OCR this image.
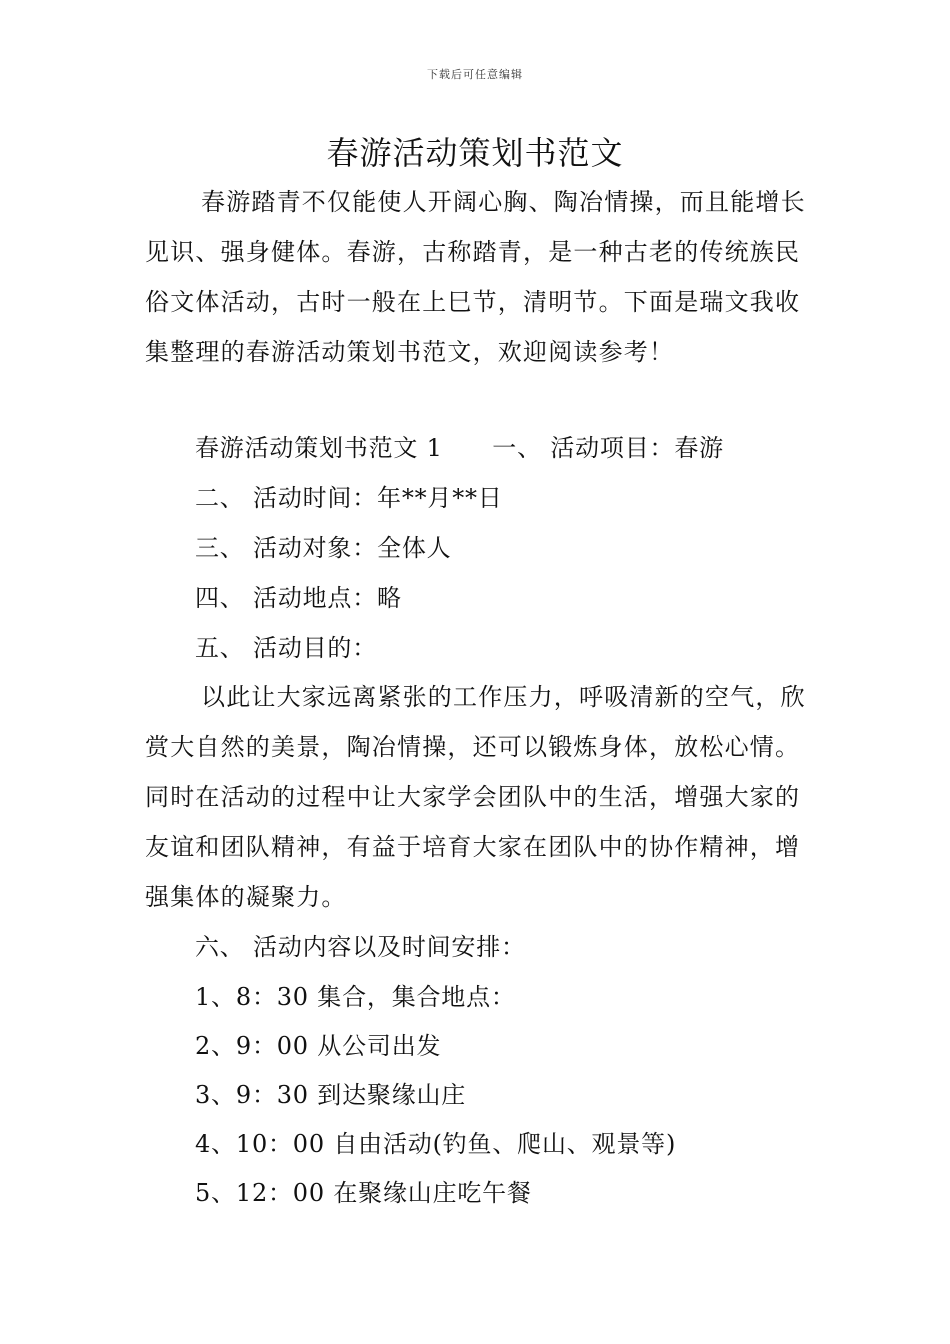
下载后可任意编辑
春游活动策划书范文
春游踏青不仅能使人开阔心胸、陶冶情操，而且能增长见识、强身健体。春游，古称踏青，是一种古老的传统族民俗文体活动，古时一般在上巳节，清明节。下面是瑞文我收集整理的春游活动策划书范文，欢迎阅读参考！
春游活动策划书范文 1　　一、 活动项目：春游
二、 活动时间：年**月**日
三、 活动对象：全体人
四、 活动地点：略
五、 活动目的：
以此让大家远离紧张的工作压力，呼吸清新的空气，欣赏大自然的美景，陶冶情操，还可以锻炼身体，放松心情。同时在活动的过程中让大家学会团队中的生活，增强大家的友谊和团队精神，有益于培育大家在团队中的协作精神，增强集体的凝聚力。
六、 活动内容以及时间安排：
1、8：30 集合，集合地点：
2、9：00 从公司出发
3、9：30 到达聚缘山庄
4、10：00 自由活动(钓鱼、爬山、观景等)
5、12：00 在聚缘山庄吃午餐
